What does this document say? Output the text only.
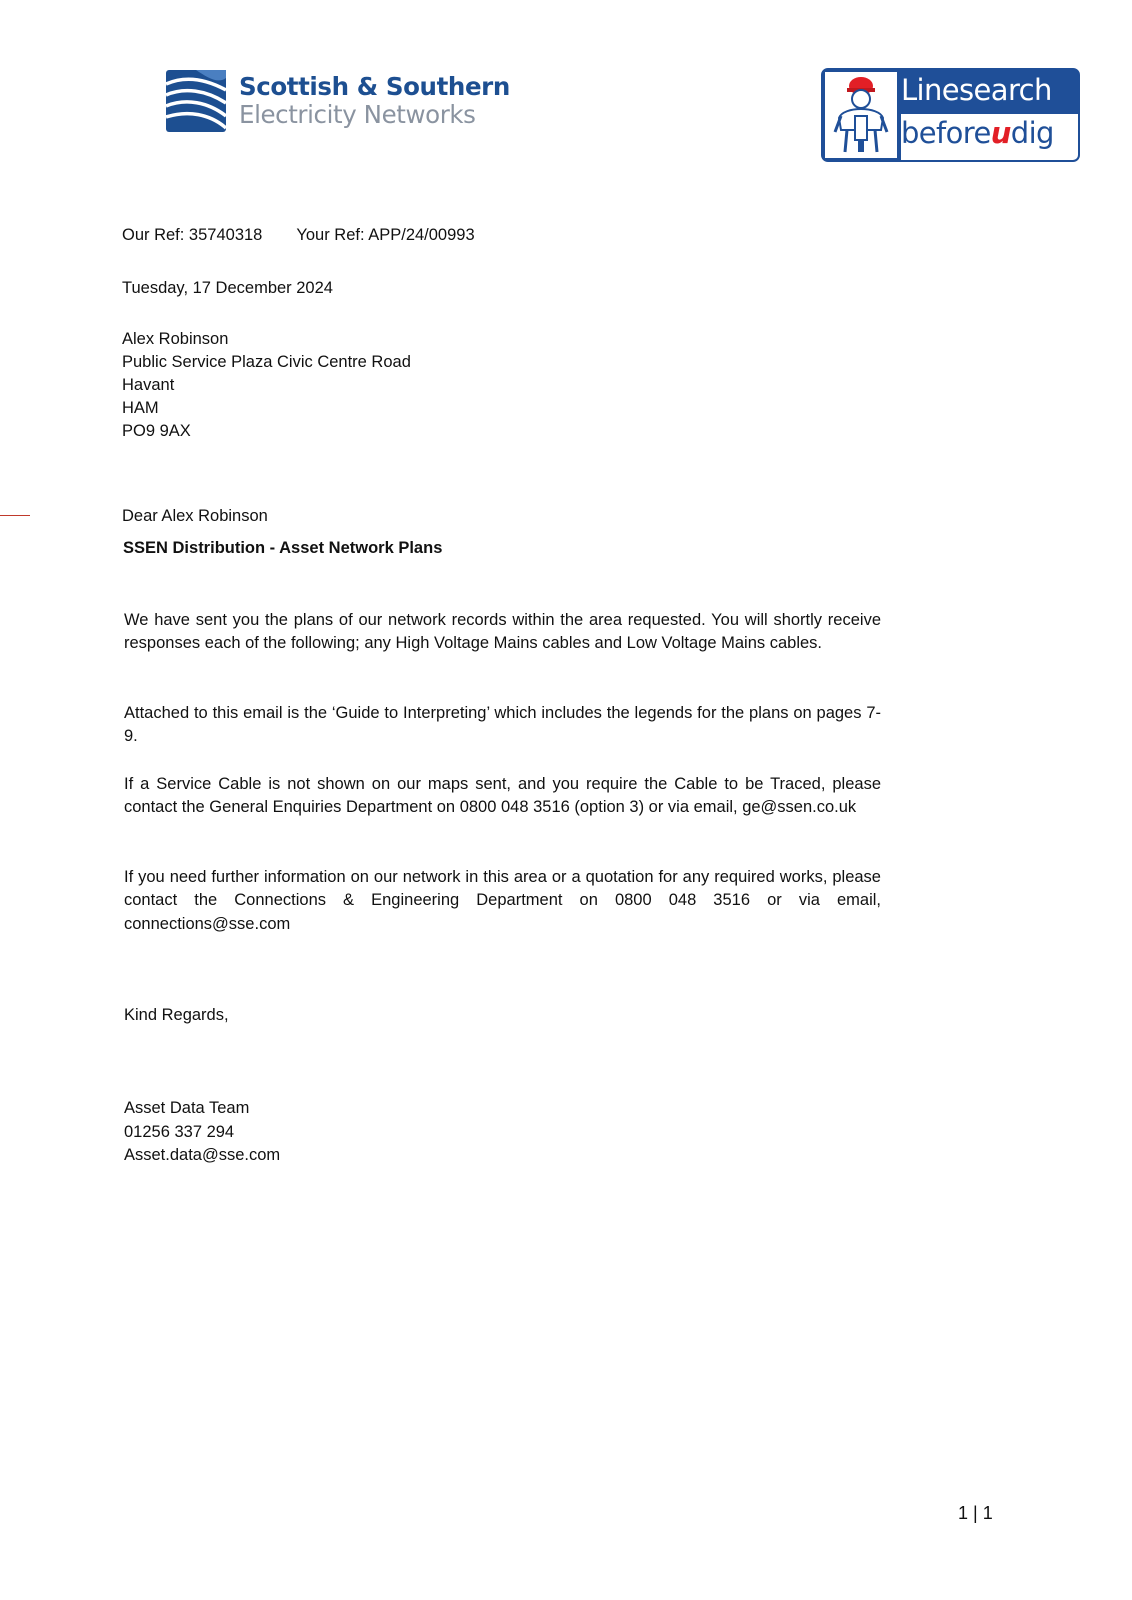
Scottish & Southern
Electricity Networks
Linesearch
beforeudig
Our Ref: 35740318 Your Ref: APP/24/00993
Tuesday, 17 December 2024
Alex Robinson
Public Service Plaza Civic Centre Road
Havant
HAM
PO9 9AX
Dear Alex Robinson
SSEN Distribution - Asset Network Plans
We have sent you the plans of our network records within the area requested. You will shortly receive responses each of the following; any High Voltage Mains cables and Low Voltage Mains cables.
Attached to this email is the ‘Guide to Interpreting’ which includes the legends for the plans on pages 7-9.
If a Service Cable is not shown on our maps sent, and you require the Cable to be Traced, please contact the General Enquiries Department on 0800 048 3516 (option 3) or via email, ge@ssen.co.uk
If you need further information on our network in this area or a quotation for any required works, please contact the Connections & Engineering Department on 0800 048 3516 or via email, connections@sse.com
Kind Regards,
Asset Data Team
01256 337 294
Asset.data@sse.com
1 | 1
